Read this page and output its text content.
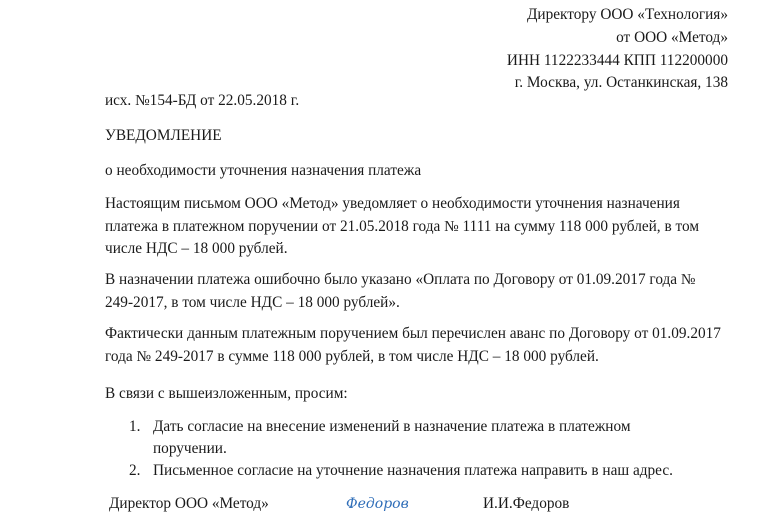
Директору ООО «Технология»
от ООО «Метод»
ИНН 1122233444 КПП 112200000
г. Москва, ул. Останкинская, 138
исх. №154-БД от 22.05.2018 г.
УВЕДОМЛЕНИЕ
о необходимости уточнения назначения платежа
Настоящим письмом ООО «Метод» уведомляет о необходимости уточнения назначения платежа в платежном поручении от 21.05.2018 года № 1111 на сумму 118 000 рублей, в том числе НДС – 18 000 рублей.
В назначении платежа ошибочно было указано «Оплата по Договору от 01.09.2017 года № 249-2017, в том числе НДС – 18 000 рублей».
Фактически данным платежным поручением был перечислен аванс по Договору от 01.09.2017 года № 249-2017 в сумме 118 000 рублей, в том числе НДС – 18 000 рублей.
В связи с вышеизложенным, просим:
1. Дать согласие на внесение изменений в назначение платежа в платежном поручении.
2. Письменное согласие на уточнение назначения платежа направить в наш адрес.
Директор ООО «Метод»	Федоров	И.И.Федоров
